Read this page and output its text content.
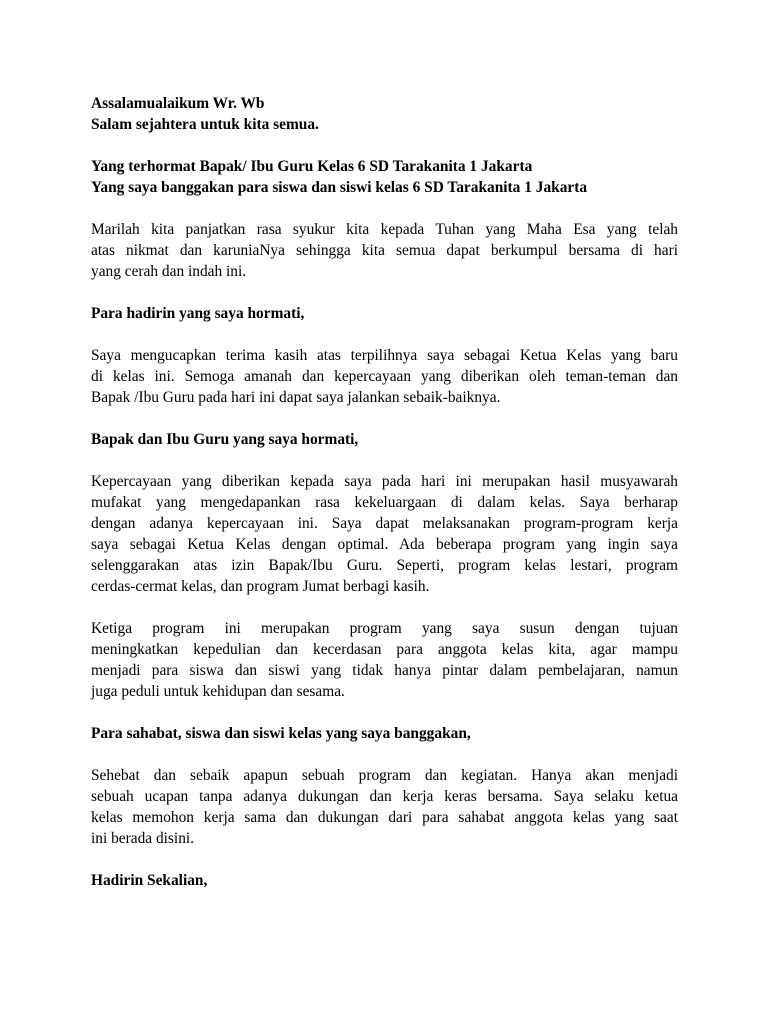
Assalamualaikum Wr. Wb
Salam sejahtera untuk kita semua.
Yang terhormat Bapak/ Ibu Guru Kelas 6 SD Tarakanita 1 Jakarta
Yang saya banggakan para siswa dan siswi kelas 6 SD Tarakanita 1 Jakarta
Marilah kita panjatkan rasa syukur kita kepada Tuhan yang Maha Esa yang telah
atas nikmat dan karuniaNya sehingga kita semua dapat berkumpul bersama di hari
yang cerah dan indah ini.
Para hadirin yang saya hormati,
Saya mengucapkan terima kasih atas terpilihnya saya sebagai Ketua Kelas yang baru
di kelas ini. Semoga amanah dan kepercayaan yang diberikan oleh teman-teman dan
Bapak /Ibu Guru pada hari ini dapat saya jalankan sebaik-baiknya.
Bapak dan Ibu Guru yang saya hormati,
Kepercayaan yang diberikan kepada saya pada hari ini merupakan hasil musyawarah
mufakat yang mengedapankan rasa kekeluargaan di dalam kelas. Saya berharap
dengan adanya kepercayaan ini. Saya dapat melaksanakan program-program kerja
saya sebagai Ketua Kelas dengan optimal. Ada beberapa program yang ingin saya
selenggarakan atas izin Bapak/Ibu Guru. Seperti, program kelas lestari, program
cerdas-cermat kelas, dan program Jumat berbagi kasih.
Ketiga program ini merupakan program yang saya susun dengan tujuan
meningkatkan kepedulian dan kecerdasan para anggota kelas kita, agar mampu
menjadi para siswa dan siswi yang tidak hanya pintar dalam pembelajaran, namun
juga peduli untuk kehidupan dan sesama.
Para sahabat, siswa dan siswi kelas yang saya banggakan,
Sehebat dan sebaik apapun sebuah program dan kegiatan. Hanya akan menjadi
sebuah ucapan tanpa adanya dukungan dan kerja keras bersama. Saya selaku ketua
kelas memohon kerja sama dan dukungan dari para sahabat anggota kelas yang saat
ini berada disini.
Hadirin Sekalian,
